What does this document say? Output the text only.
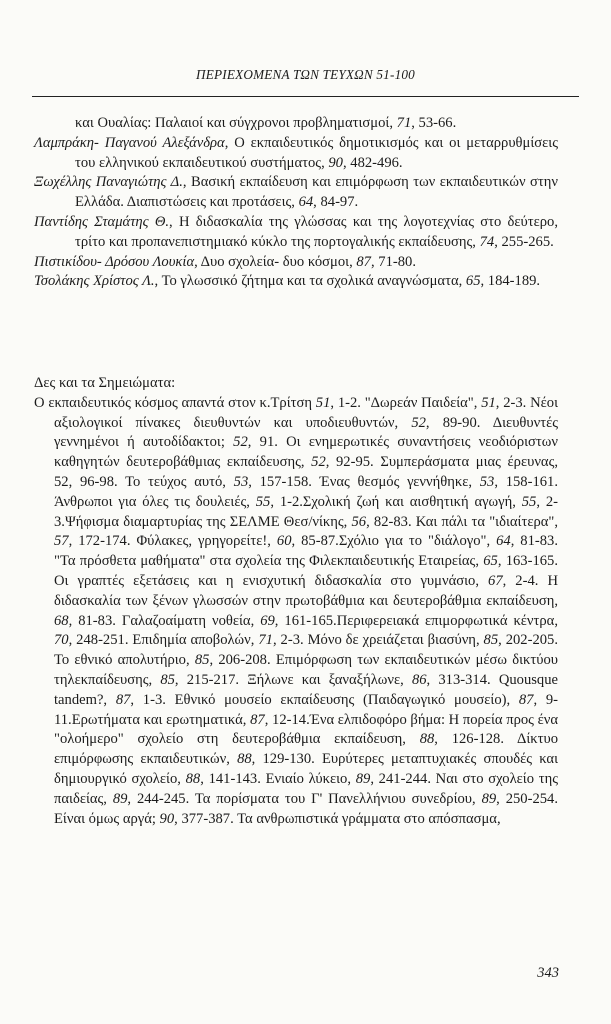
ΠΕΡΙΕΧΟΜΕΝΑ ΤΩΝ ΤΕΥΧΩΝ 51-100
και Ουαλίας: Παλαιοί και σύγχρονοι προβληματισμοί, 71, 53-66.
Λαμπράκη- Παγανού Αλεξάνδρα, Ο εκπαιδευτικός δημοτικισμός και οι μεταρρυθμίσεις του ελληνικού εκπαιδευτικού συστήματος, 90, 482-496.
Ξωχέλλης Παναγιώτης Δ., Βασική εκπαίδευση και επιμόρφωση των εκπαιδευτικών στην Ελλάδα. Διαπιστώσεις και προτάσεις, 64, 84-97.
Παντίδης Σταμάτης Θ., Η διδασκαλία της γλώσσας και της λογοτεχνίας στο δεύτερο, τρίτο και προπανεπιστημιακό κύκλο της πορτογαλικής εκπαίδευσης, 74, 255-265.
Πιστικίδου- Δρόσου Λουκία, Δυο σχολεία- δυο κόσμοι, 87, 71-80.
Τσολάκης Χρίστος Λ., Το γλωσσικό ζήτημα και τα σχολικά αναγνώσματα, 65, 184-189.
Δες και τα Σημειώματα:
Ο εκπαιδευτικός κόσμος απαντά στον κ.Τρίτση 51, 1-2. "Δωρεάν Παιδεία", 51, 2-3. Νέοι αξιολογικοί πίνακες διευθυντών και υποδιευθυντών, 52, 89-90. Διευθυντές γεννημένοι ή αυτοδίδακτοι; 52, 91. Οι ενημερωτικές συναντήσεις νεοδιόριστων καθηγητών δευτεροβάθμιας εκπαίδευσης, 52, 92-95. Συμπεράσματα μιας έρευνας, 52, 96-98. Το τεύχος αυτό, 53, 157-158. Ένας θεσμός γεννήθηκε, 53, 158-161. Άνθρωποι για όλες τις δουλειές, 55, 1-2.Σχολική ζωή και αισθητική αγωγή, 55, 2-3.Ψήφισμα διαμαρτυρίας της ΣΕΛΜΕ Θεσ/νίκης, 56, 82-83. Και πάλι τα "ιδιαίτερα", 57, 172-174. Φύλακες, γρηγορείτε!, 60, 85-87.Σχόλιο για το "διάλογο", 64, 81-83. "Τα πρόσθετα μαθήματα" στα σχολεία της Φιλεκπαιδευτικής Εταιρείας, 65, 163-165. Οι γραπτές εξετάσεις και η ενισχυτική διδασκαλία στο γυμνάσιο, 67, 2-4. Η διδασκαλία των ξένων γλωσσών στην πρωτοβάθμια και δευτεροβάθμια εκπαίδευση, 68, 81-83. Γαλαζοαίματη νοθεία, 69, 161-165.Περιφερειακά επιμορφωτικά κέντρα, 70, 248-251. Επιδημία αποβολών, 71, 2-3. Μόνο δε χρειάζεται βιασύνη, 85, 202-205. Το εθνικό απολυτήριο, 85, 206-208. Επιμόρφωση των εκπαιδευτικών μέσω δικτύου τηλεκπαίδευσης, 85, 215-217. Ξήλωνε και ξαναξήλωνε, 86, 313-314. Quousque tandem?, 87, 1-3. Εθνικό μουσείο εκπαίδευσης (Παιδαγωγικό μουσείο), 87, 9-11.Ερωτήματα και ερωτηματικά, 87, 12-14.Ένα ελπιδοφόρο βήμα: Η πορεία προς ένα "ολοήμερο" σχολείο στη δευτεροβάθμια εκπαίδευση, 88, 126-128. Δίκτυο επιμόρφωσης εκπαιδευτικών, 88, 129-130. Ευρύτερες μεταπτυχιακές σπουδές και δημιουργικό σχολείο, 88, 141-143. Ενιαίο λύκειο, 89, 241-244. Ναι στο σχολείο της παιδείας, 89, 244-245. Τα πορίσματα του Γ' Πανελλήνιου συνεδρίου, 89, 250-254. Είναι όμως αργά; 90, 377-387. Τα ανθρωπιστικά γράμματα στο απόσπασμα,
343
